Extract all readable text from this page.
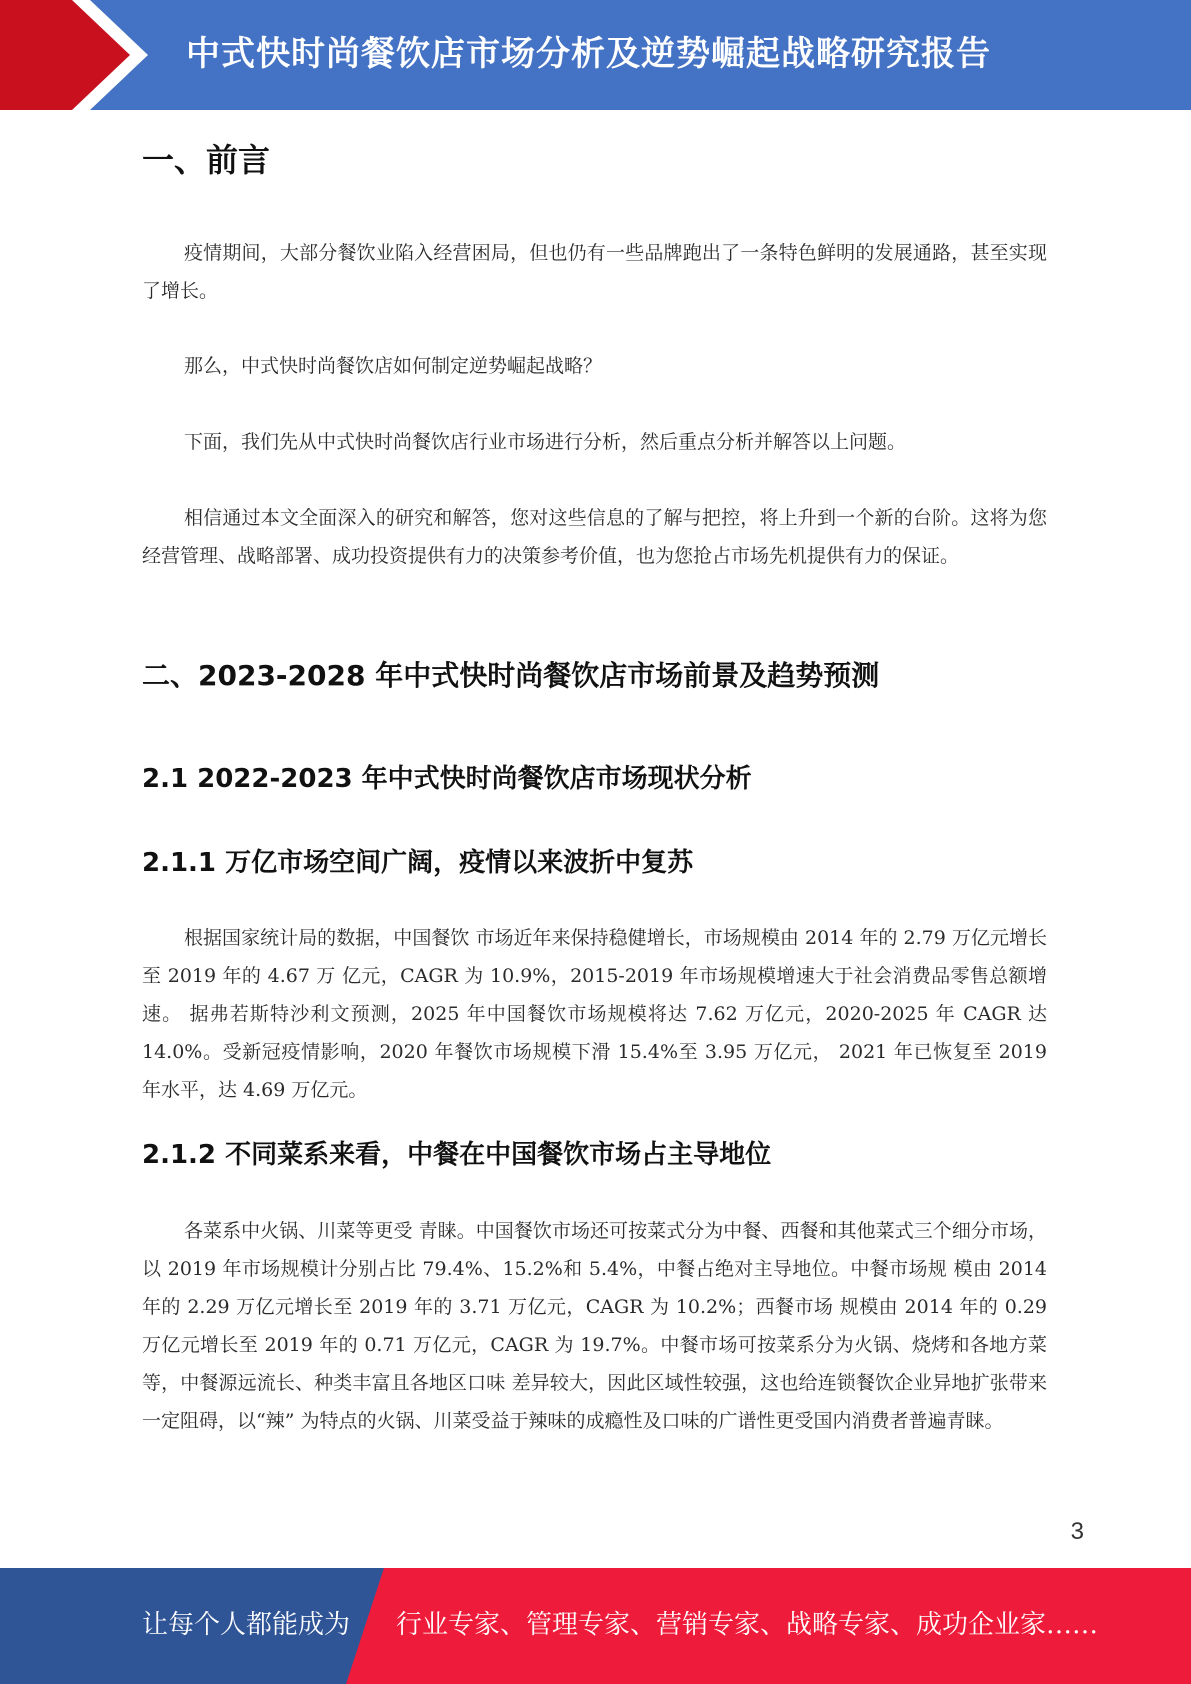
中式快时尚餐饮店市场分析及逆势崛起战略研究报告
一、前言

疫情期间，大部分餐饮业陷入经营困局，但也仍有一些品牌跑出了一条特色鲜明的发展通路，甚至实现了增长。

那么，中式快时尚餐饮店如何制定逆势崛起战略？

下面，我们先从中式快时尚餐饮店行业市场进行分析，然后重点分析并解答以上问题。

相信通过本文全面深入的研究和解答，您对这些信息的了解与把控，将上升到一个新的台阶。这将为您经营管理、战略部署、成功投资提供有力的决策参考价值，也为您抢占市场先机提供有力的保证。

二、2023-2028 年中式快时尚餐饮店市场前景及趋势预测
2.1 2022-2023 年中式快时尚餐饮店市场现状分析
2.1.1 万亿市场空间广阔，疫情以来波折中复苏

根据国家统计局的数据，中国餐饮 市场近年来保持稳健增长，市场规模由 2014 年的 2.79 万亿元增长至 2019 年的 4.67 万 亿元，CAGR 为 10.9%，2015-2019 年市场规模增速大于社会消费品零售总额增速。 据弗若斯特沙利文预测，2025 年中国餐饮市场规模将达 7.62 万亿元，2020-2025 年 CAGR 达 14.0%。受新冠疫情影响，2020 年餐饮市场规模下滑 15.4%至 3.95 万亿元， 2021 年已恢复至 2019 年水平，达 4.69 万亿元。

2.1.2 不同菜系来看，中餐在中国餐饮市场占主导地位

各菜系中火锅、川菜等更受 青睐。中国餐饮市场还可按菜式分为中餐、西餐和其他菜式三个细分市场，以 2019 年市场规模计分别占比 79.4%、15.2%和 5.4%，中餐占绝对主导地位。中餐市场规 模由 2014 年的 2.29 万亿元增长至 2019 年的 3.71 万亿元，CAGR 为 10.2%；西餐市场 规模由 2014 年的 0.29 万亿元增长至 2019 年的 0.71 万亿元，CAGR 为 19.7%。中餐市场可按菜系分为火锅、烧烤和各地方菜等，中餐源远流长、种类丰富且各地区口味 差异较大，因此区域性较强，这也给连锁餐饮企业异地扩张带来一定阻碍，以“辣” 为特点的火锅、川菜受益于辣味的成瘾性及口味的广谱性更受国内消费者普遍青睐。

3
让每个人都能成为 行业专家、管理专家、营销专家、战略专家、成功企业家……
